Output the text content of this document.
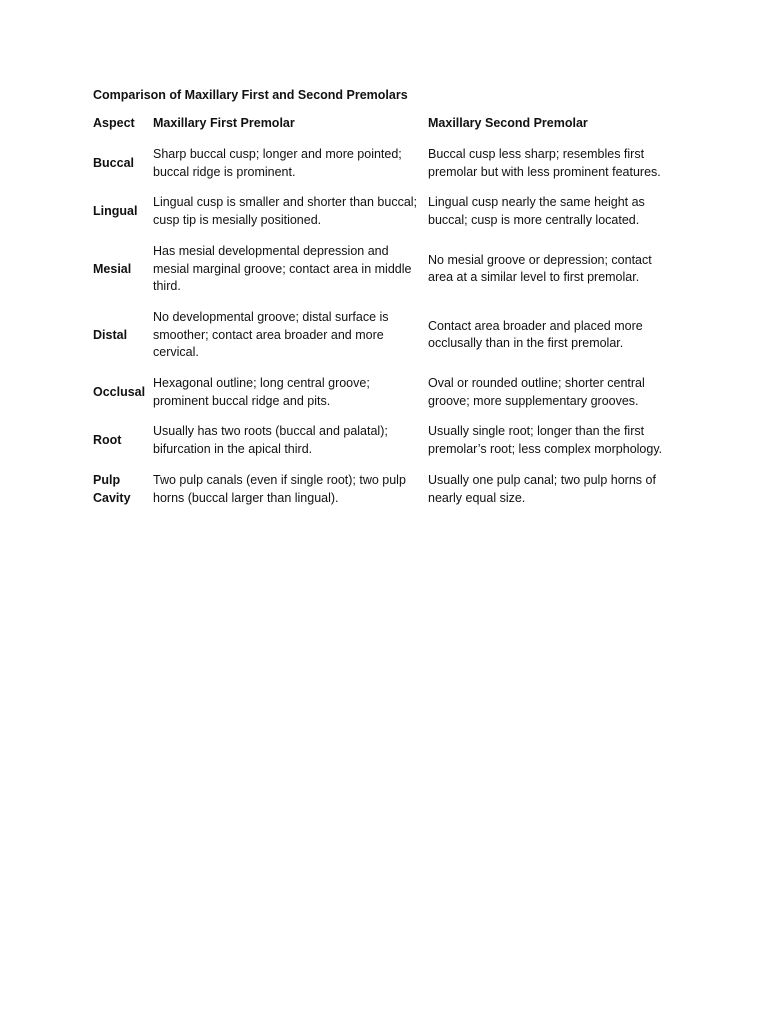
Comparison of Maxillary First and Second Premolars
Aspect	Maxillary First Premolar	Maxillary Second Premolar
Buccal	Sharp buccal cusp; longer and more pointed; buccal ridge is prominent.	Buccal cusp less sharp; resembles first premolar but with less prominent features.
Lingual	Lingual cusp is smaller and shorter than buccal; cusp tip is mesially positioned.	Lingual cusp nearly the same height as buccal; cusp is more centrally located.
Mesial	Has mesial developmental depression and mesial marginal groove; contact area in middle third.	No mesial groove or depression; contact area at a similar level to first premolar.
Distal	No developmental groove; distal surface is smoother; contact area broader and more cervical.	Contact area broader and placed more occlusally than in the first premolar.
Occlusal	Hexagonal outline; long central groove; prominent buccal ridge and pits.	Oval or rounded outline; shorter central groove; more supplementary grooves.
Root	Usually has two roots (buccal and palatal); bifurcation in the apical third.	Usually single root; longer than the first premolar’s root; less complex morphology.
Pulp Cavity	Two pulp canals (even if single root); two pulp horns (buccal larger than lingual).	Usually one pulp canal; two pulp horns of nearly equal size.
